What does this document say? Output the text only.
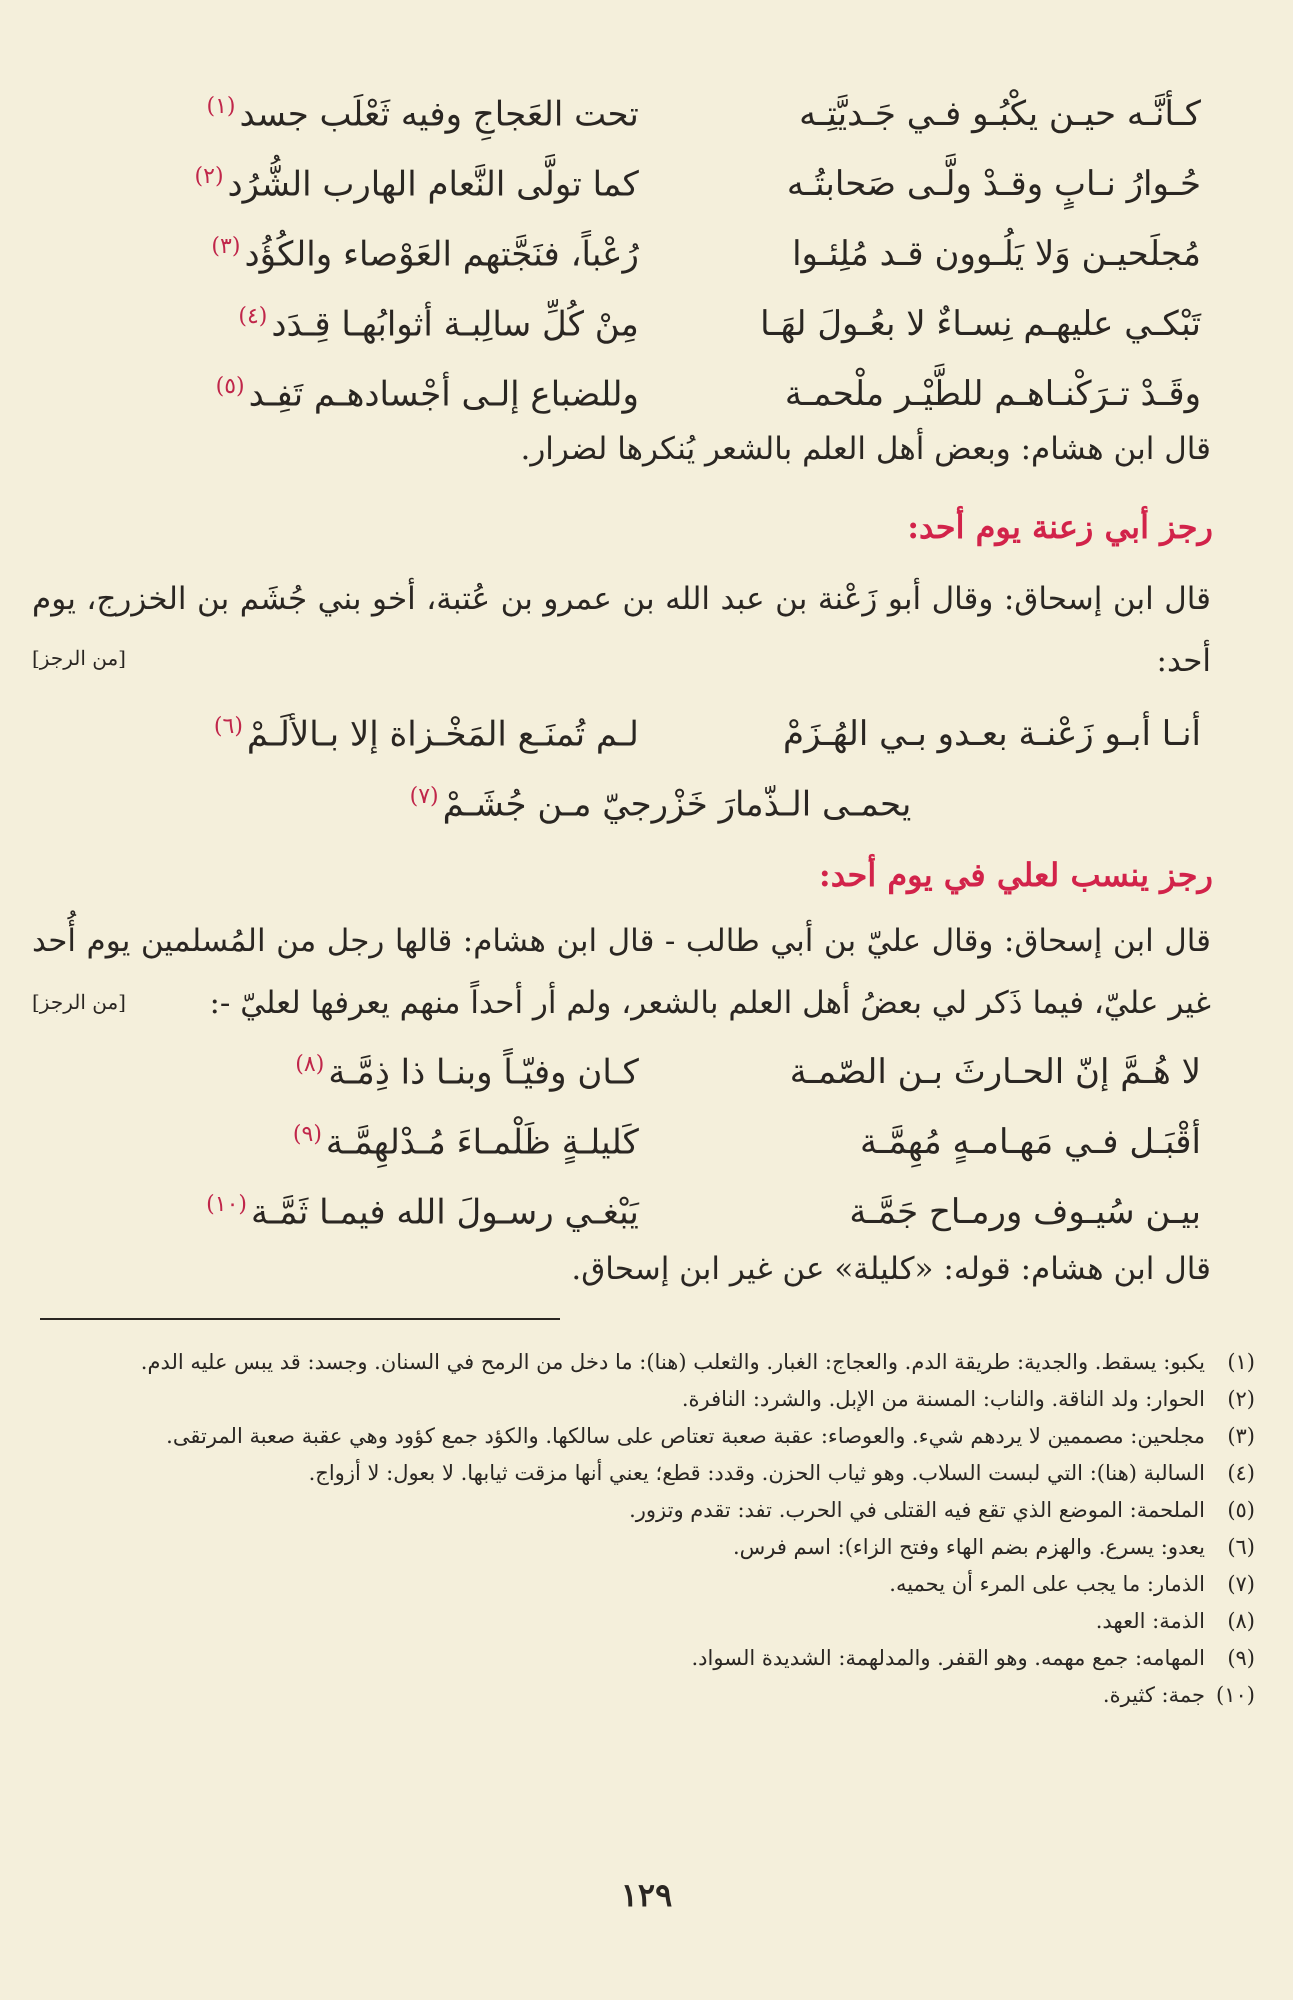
كـأنَّـه حيـن يكْبُـو فـي جَـديَّتِـه
تحت العَجاجِ وفيه ثَعْلَب جسد$^{(١)}$
حُـوارُ نـابٍ وقـدْ ولَّـى صَحابتُـه
كما تولَّى النَّعام الهارب الشُّرُد$^{(٢)}$
مُجلَحيـن وَلا يَلُـوون قـد مُلِئـوا
رُعْباً، فنَجَّتهم العَوْصاء والكُؤُد$^{(٣)}$
تَبْكـي عليهـم نِسـاءٌ لا بعُـولَ لهَـا
مِنْ كُلِّ سالِبـة أثوابُهـا قِـدَد$^{(٤)}$
وقَـدْ تـرَكْنـاهـم للطَّيْـر ملْحمـة
وللضباع إلـى أجْسادهـم تَفِـد$^{(٥)}$
قال ابن هشام: وبعض أهل العلم بالشعر يُنكرها لضرار.
رجز أبي زعنة يوم أحد:
قال ابن إسحاق: وقال أبو زَعْنة بن عبد الله بن عمرو بن عُتبة، أخو بني جُشَم بن الخزرج، يوم أحد:
[من الرجز]
أنـا أبـو زَعْنـة بعـدو بـي الهُـزَمْ
لـم تُمنَـع المَخْـزاة إلا بـالألَـمْ$^{(٦)}$
يحمـى الـذّمارَ خَزْرجيّ مـن جُشَـمْ$^{(٧)}$
رجز ينسب لعلي في يوم أحد:
قال ابن إسحاق: وقال عليّ بن أبي طالب - قال ابن هشام: قالها رجل من المُسلمين يوم أُحد غير عليّ، فيما ذَكر لي بعضُ أهل العلم بالشعر، ولم أر أحداً منهم يعرفها لعليّ -:
[من الرجز]
لا هُـمَّ إنّ الحـارثَ بـن الصّمـة
كـان وفيّـاً وبنـا ذا ذِمَّـة$^{(٨)}$
أقْبَـل فـي مَهـامـهٍ مُهِمَّـة
كَليلـةٍ ظَلْمـاءَ مُـدْلهِمَّـة$^{(٩)}$
بيـن سُيـوف ورمـاح جَمَّـة
يَبْغـي رسـولَ الله فيمـا ثَمَّـة$^{(١٠)}$
قال ابن هشام: قوله: «كليلة» عن غير ابن إسحاق.
(١)
يكبو: يسقط. والجدية: طريقة الدم. والعجاج: الغبار. والثعلب (هنا): ما دخل من الرمح في السنان. وجسد: قد يبس عليه الدم.
(٢)
الحوار: ولد الناقة. والناب: المسنة من الإبل. والشرد: النافرة.
(٣)
مجلحين: مصممين لا يردهم شيء. والعوصاء: عقبة صعبة تعتاص على سالكها. والكؤد جمع كؤود وهي عقبة صعبة المرتقى.
(٤)
السالبة (هنا): التي لبست السلاب. وهو ثياب الحزن. وقدد: قطع؛ يعني أنها مزقت ثيابها. لا بعول: لا أزواج.
(٥)
الملحمة: الموضع الذي تقع فيه القتلى في الحرب. تفد: تقدم وتزور.
(٦)
يعدو: يسرع. والهزم بضم الهاء وفتح الزاء): اسم فرس.
(٧)
الذمار: ما يجب على المرء أن يحميه.
(٨)
الذمة: العهد.
(٩)
المهامه: جمع مهمه. وهو القفر. والمدلهمة: الشديدة السواد.
(١٠)
جمة: كثيرة.
١٢٩
